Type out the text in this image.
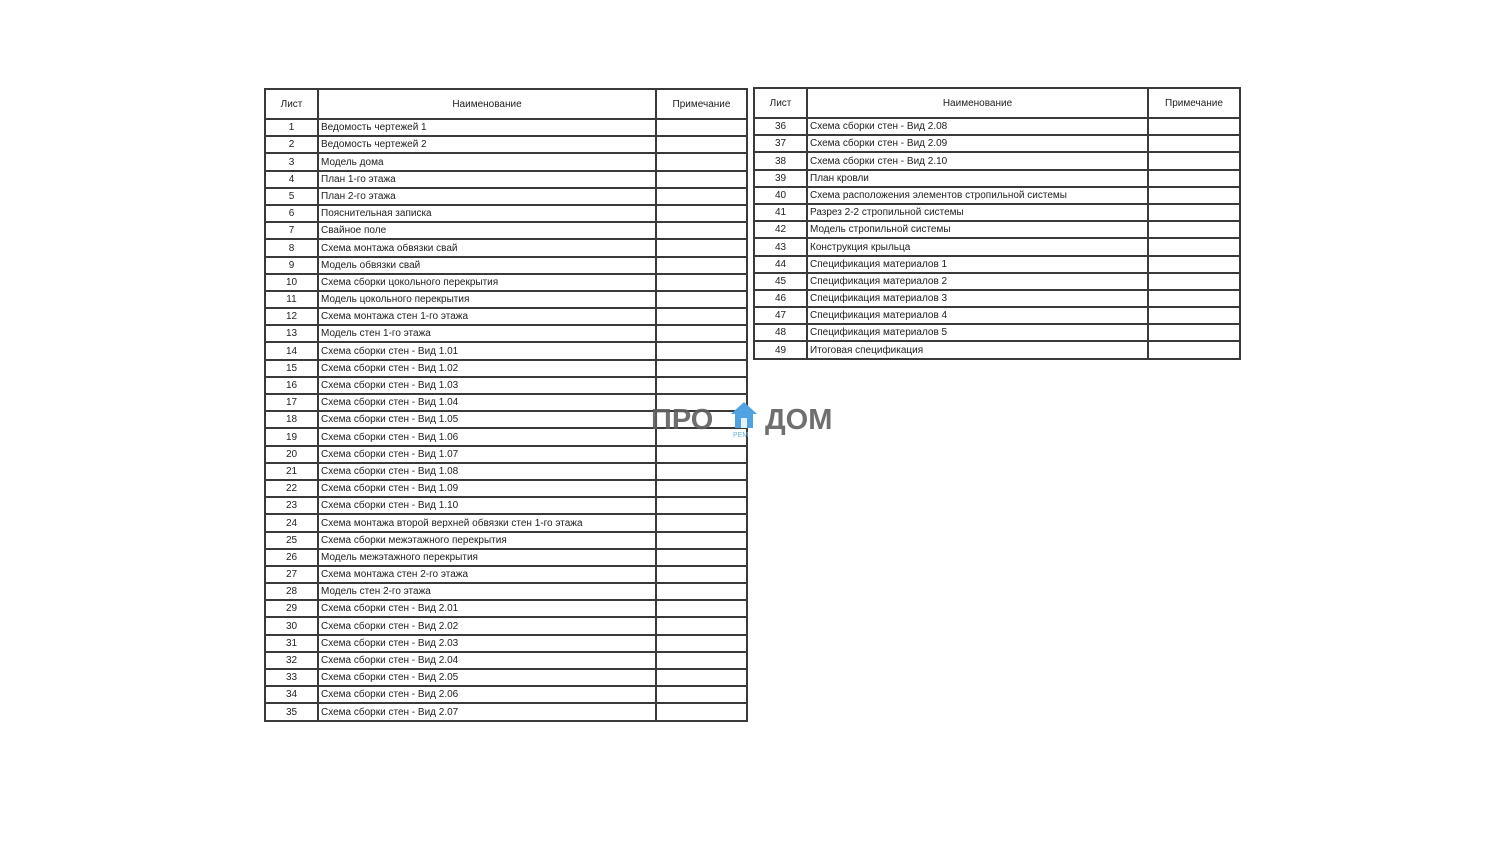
Лист	Наименование	Примечание
1	Ведомость чертежей 1	
2	Ведомость чертежей 2	
3	Модель дома	
4	План 1-го этажа	
5	План 2-го этажа	
6	Пояснительная записка	
7	Свайное поле	
8	Схема монтажа обвязки свай	
9	Модель обвязки свай	
10	Схема сборки цокольного перекрытия	
11	Модель цокольного перекрытия	
12	Схема монтажа стен 1-го этажа	
13	Модель стен 1-го этажа	
14	Схема сборки стен - Вид 1.01	
15	Схема сборки стен - Вид 1.02	
16	Схема сборки стен - Вид 1.03	
17	Схема сборки стен - Вид 1.04	
18	Схема сборки стен - Вид 1.05	
19	Схема сборки стен - Вид 1.06	
20	Схема сборки стен - Вид 1.07	
21	Схема сборки стен - Вид 1.08	
22	Схема сборки стен - Вид 1.09	
23	Схема сборки стен - Вид 1.10	
24	Схема монтажа второй верхней обвязки стен 1-го этажа	
25	Схема сборки межэтажного перекрытия	
26	Модель межэтажного перекрытия	
27	Схема монтажа стен 2-го этажа	
28	Модель стен 2-го этажа	
29	Схема сборки стен - Вид 2.01	
30	Схема сборки стен - Вид 2.02	
31	Схема сборки стен - Вид 2.03	
32	Схема сборки стен - Вид 2.04	
33	Схема сборки стен - Вид 2.05	
34	Схема сборки стен - Вид 2.06	
35	Схема сборки стен - Вид 2.07	
Лист	Наименование	Примечание
36	Схема сборки стен - Вид 2.08	
37	Схема сборки стен - Вид 2.09	
38	Схема сборки стен - Вид 2.10	
39	План кровли	
40	Схема расположения элементов стропильной системы	
41	Разрез 2-2 стропильной системы	
42	Модель стропильной системы	
43	Конструкция крыльца	
44	Спецификация материалов 1	
45	Спецификация материалов 2	
46	Спецификация материалов 3	
47	Спецификация материалов 4	
48	Спецификация материалов 5	
49	Итоговая спецификация	
ПРО	РЕМ ДОМ
